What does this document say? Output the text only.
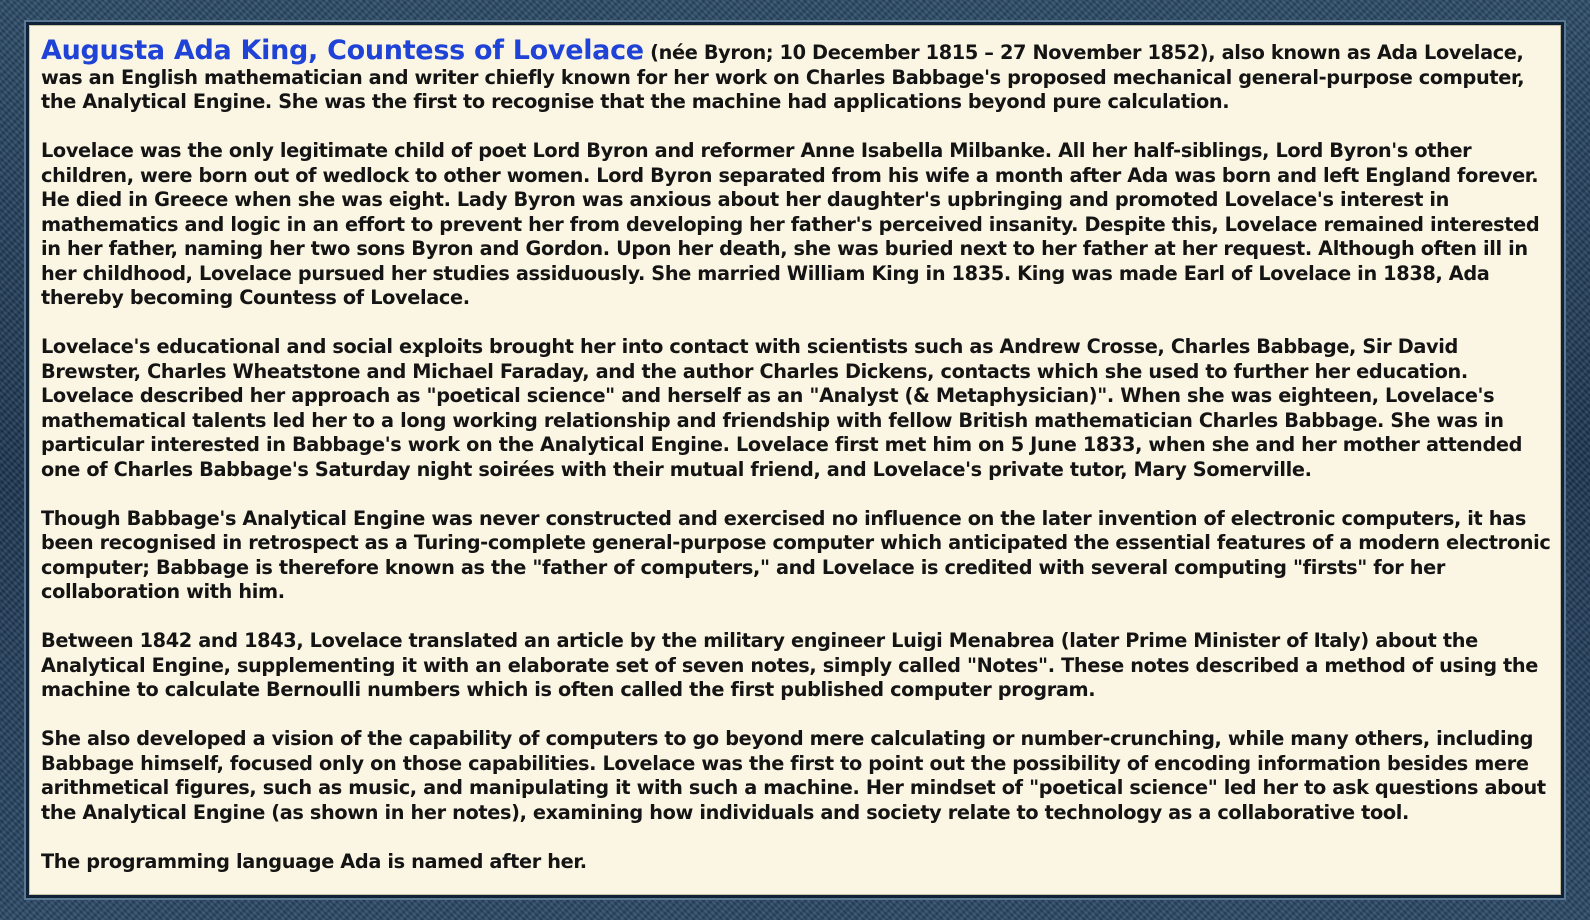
Augusta Ada King, Countess of Lovelace (née Byron; 10 December 1815 – 27 November 1852), also known as Ada Lovelace, was an English mathematician and writer chiefly known for her work on Charles Babbage's proposed mechanical general-purpose computer, the Analytical Engine. She was the first to recognise that the machine had applications beyond pure calculation.

Lovelace was the only legitimate child of poet Lord Byron and reformer Anne Isabella Milbanke. All her half-siblings, Lord Byron's other children, were born out of wedlock to other women. Lord Byron separated from his wife a month after Ada was born and left England forever. He died in Greece when she was eight. Lady Byron was anxious about her daughter's upbringing and promoted Lovelace's interest in mathematics and logic in an effort to prevent her from developing her father's perceived insanity. Despite this, Lovelace remained interested in her father, naming her two sons Byron and Gordon. Upon her death, she was buried next to her father at her request. Although often ill in her childhood, Lovelace pursued her studies assiduously. She married William King in 1835. King was made Earl of Lovelace in 1838, Ada thereby becoming Countess of Lovelace.

Lovelace's educational and social exploits brought her into contact with scientists such as Andrew Crosse, Charles Babbage, Sir David Brewster, Charles Wheatstone and Michael Faraday, and the author Charles Dickens, contacts which she used to further her education. Lovelace described her approach as "poetical science" and herself as an "Analyst (& Metaphysician)". When she was eighteen, Lovelace's mathematical talents led her to a long working relationship and friendship with fellow British mathematician Charles Babbage. She was in particular interested in Babbage's work on the Analytical Engine. Lovelace first met him on 5 June 1833, when she and her mother attended one of Charles Babbage's Saturday night soirées with their mutual friend, and Lovelace's private tutor, Mary Somerville.

Though Babbage's Analytical Engine was never constructed and exercised no influence on the later invention of electronic computers, it has been recognised in retrospect as a Turing-complete general-purpose computer which anticipated the essential features of a modern electronic computer; Babbage is therefore known as the "father of computers," and Lovelace is credited with several computing "firsts" for her collaboration with him.

Between 1842 and 1843, Lovelace translated an article by the military engineer Luigi Menabrea (later Prime Minister of Italy) about the Analytical Engine, supplementing it with an elaborate set of seven notes, simply called "Notes". These notes described a method of using the machine to calculate Bernoulli numbers which is often called the first published computer program.

She also developed a vision of the capability of computers to go beyond mere calculating or number-crunching, while many others, including Babbage himself, focused only on those capabilities. Lovelace was the first to point out the possibility of encoding information besides mere arithmetical figures, such as music, and manipulating it with such a machine. Her mindset of "poetical science" led her to ask questions about the Analytical Engine (as shown in her notes), examining how individuals and society relate to technology as a collaborative tool.

The programming language Ada is named after her.
